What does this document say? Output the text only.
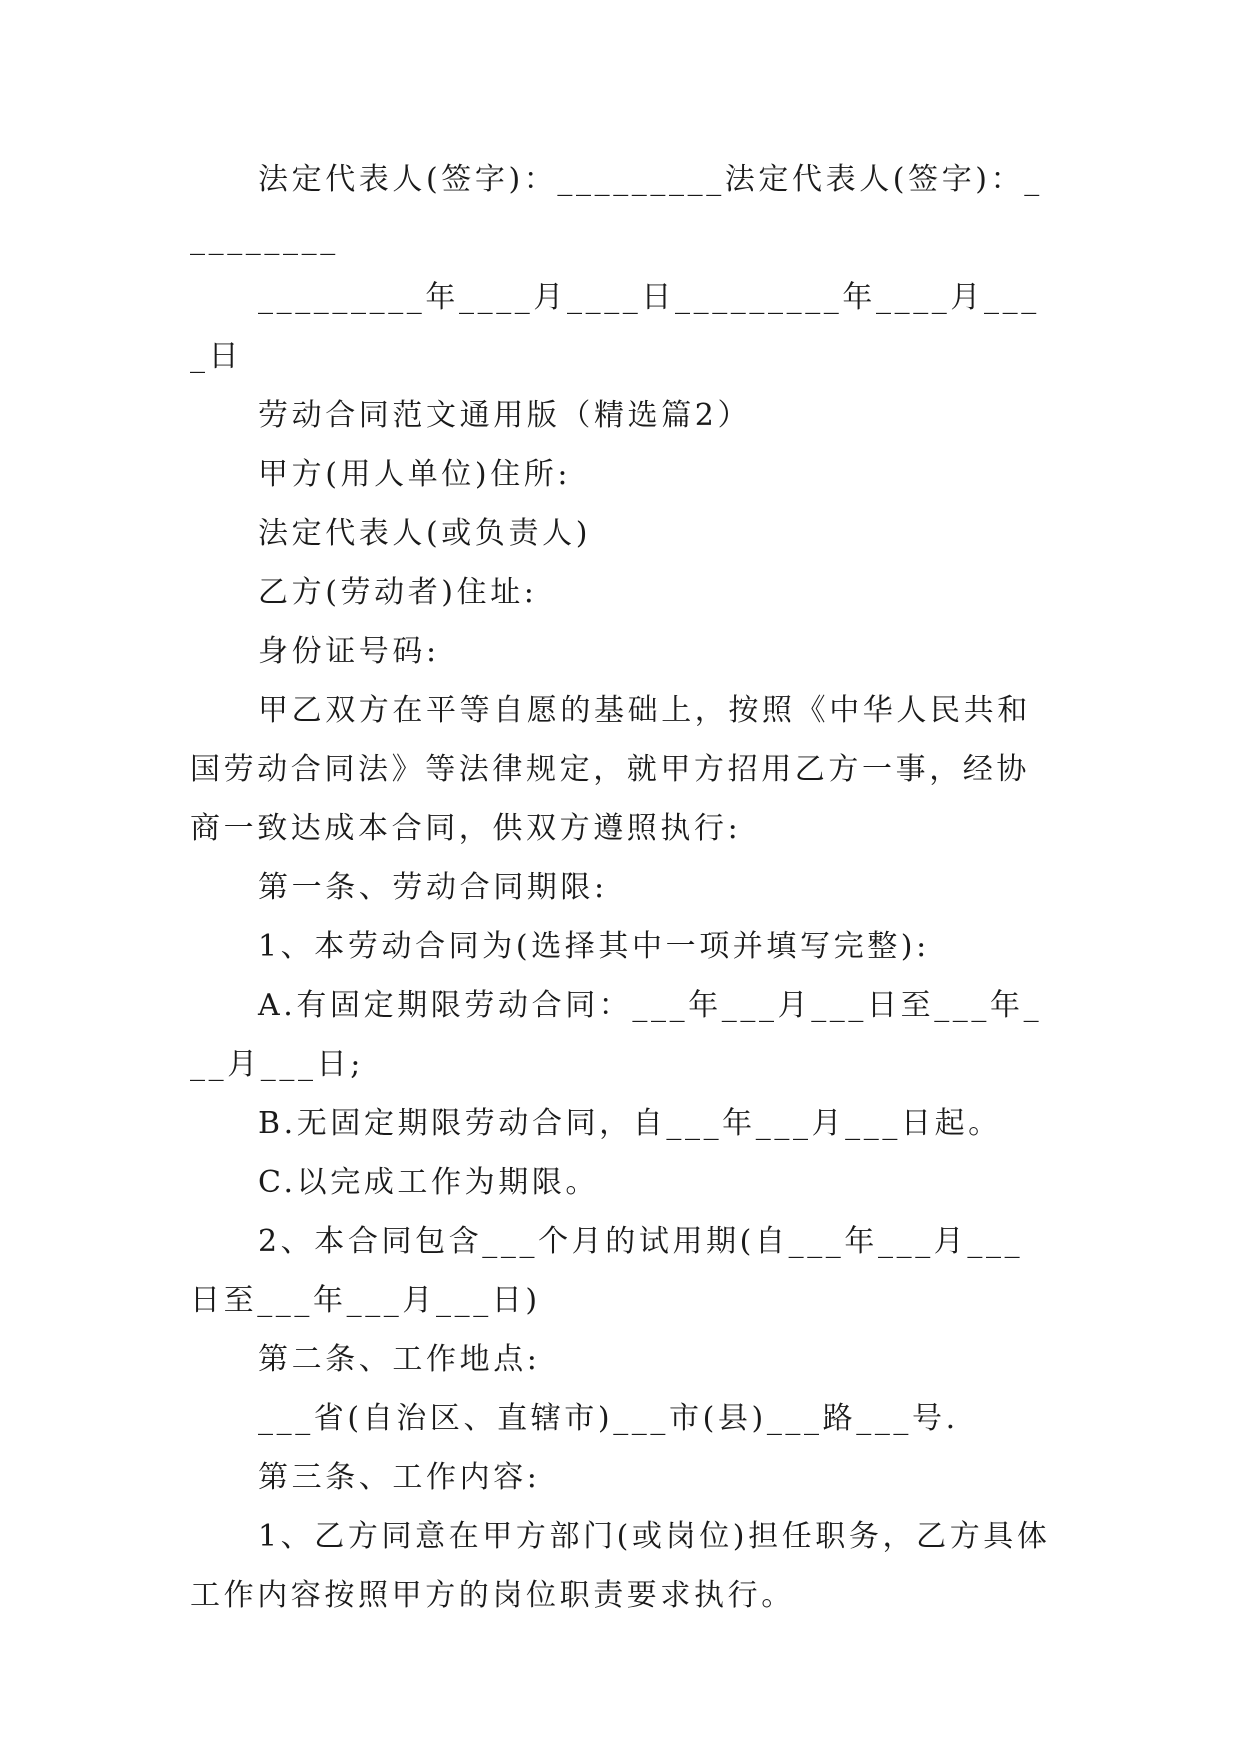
法定代表人(签字)：_________法定代表人(签字)：_________

_________年____月____日_________年____月____日

劳动合同范文通用版（精选篇2）

甲方(用人单位)住所:

法定代表人(或负责人)

乙方(劳动者)住址:

身份证号码:

甲乙双方在平等自愿的基础上，按照《中华人民共和国劳动合同法》等法律规定，就甲方招用乙方一事，经协商一致达成本合同，供双方遵照执行:

第一条、劳动合同期限:

1、本劳动合同为(选择其中一项并填写完整):

A.有固定期限劳动合同：___年___月___日至___年___月___日;

B.无固定期限劳动合同，自___年___月___日起。

C.以完成工作为期限。

2、本合同包含___个月的试用期(自___年___月___日至___年___月___日)

第二条、工作地点:

___省(自治区、直辖市)___市(县)___路___号.

第三条、工作内容:

1、乙方同意在甲方部门(或岗位)担任职务，乙方具体工作内容按照甲方的岗位职责要求执行。
